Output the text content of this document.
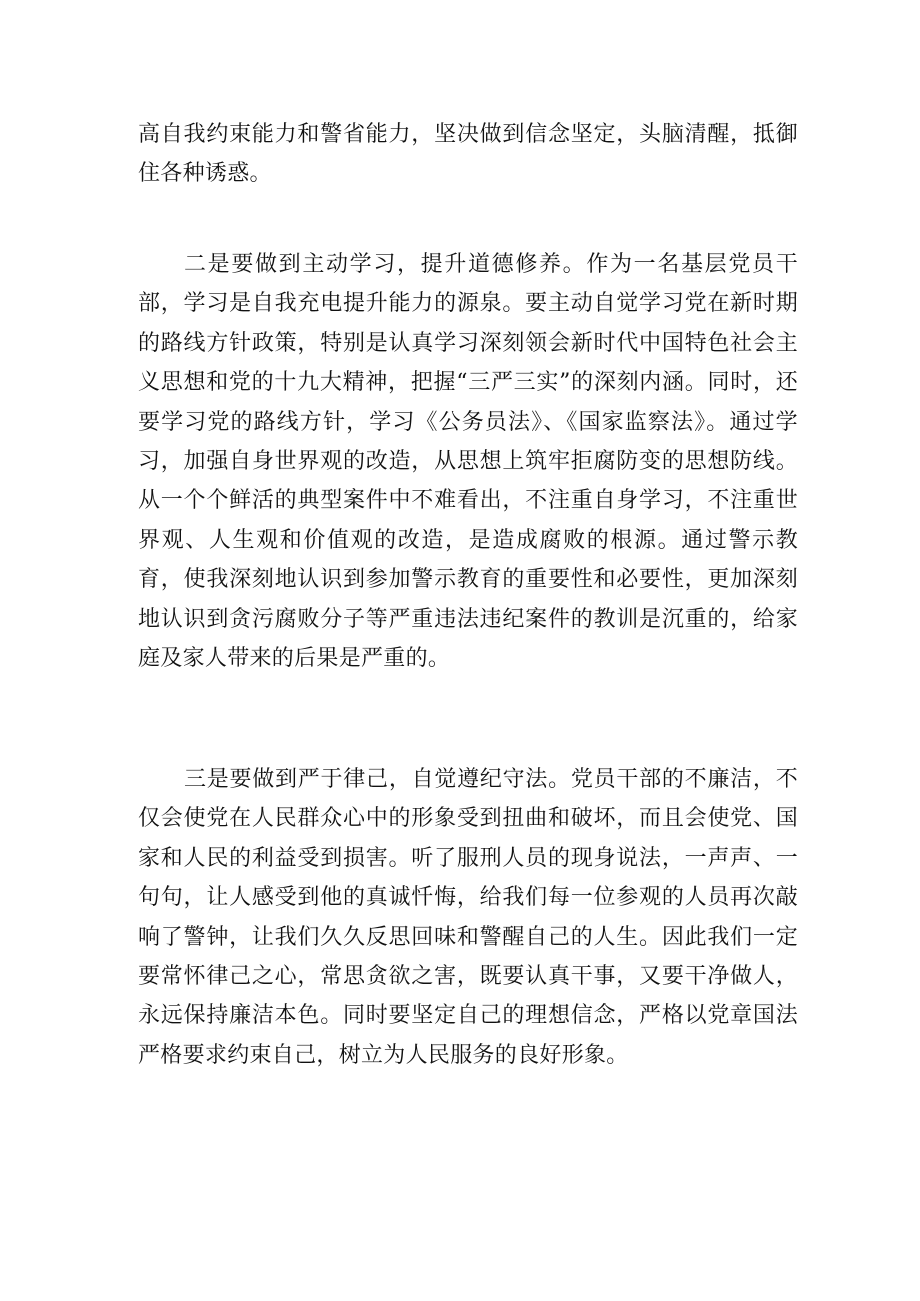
高自我约束能力和警省能力，坚决做到信念坚定，头脑清醒，抵御住各种诱惑。

二是要做到主动学习，提升道德修养。作为一名基层党员干部，学习是自我充电提升能力的源泉。要主动自觉学习党在新时期的路线方针政策，特别是认真学习深刻领会新时代中国特色社会主义思想和党的十九大精神，把握“三严三实”的深刻内涵。同时，还要学习党的路线方针，学习《公务员法》、《国家监察法》。通过学习，加强自身世界观的改造，从思想上筑牢拒腐防变的思想防线。从一个个鲜活的典型案件中不难看出，不注重自身学习，不注重世界观、人生观和价值观的改造，是造成腐败的根源。通过警示教育，使我深刻地认识到参加警示教育的重要性和必要性，更加深刻地认识到贪污腐败分子等严重违法违纪案件的教训是沉重的，给家庭及家人带来的后果是严重的。

三是要做到严于律己，自觉遵纪守法。党员干部的不廉洁，不仅会使党在人民群众心中的形象受到扭曲和破坏，而且会使党、国家和人民的利益受到损害。听了服刑人员的现身说法，一声声、一句句，让人感受到他的真诚忏悔，给我们每一位参观的人员再次敲响了警钟，让我们久久反思回味和警醒自己的人生。因此我们一定要常怀律己之心，常思贪欲之害，既要认真干事，又要干净做人，永远保持廉洁本色。同时要坚定自己的理想信念，严格以党章国法严格要求约束自己，树立为人民服务的良好形象。
